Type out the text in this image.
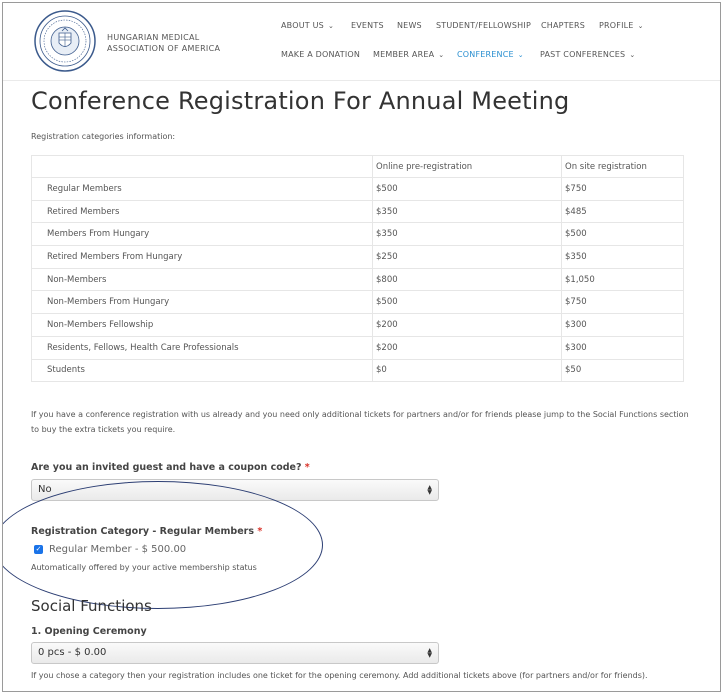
HUNGARIAN MEDICAL
ASSOCIATION OF AMERICA
ABOUT US ⌄ EVENTS NEWS STUDENT/FELLOWSHIP CHAPTERS PROFILE ⌄
MAKE A DONATION MEMBER AREA ⌄ CONFERENCE ⌄ PAST CONFERENCES ⌄
Conference Registration For Annual Meeting
Registration categories information:
	Online pre-registration	On site registration
Regular Members	$500	$750
Retired Members	$350	$485
Members From Hungary	$350	$500
Retired Members From Hungary	$250	$350
Non-Members	$800	$1,050
Non-Members From Hungary	$500	$750
Non-Members Fellowship	$200	$300
Residents, Fellows, Health Care Professionals	$200	$300
Students	$0	$50
If you have a conference registration with us already and you need only additional tickets for partners and/or for friends please jump to the Social Functions section to buy the extra tickets you require.
Are you an invited guest and have a coupon code? *
No	▲
▼
Registration Category - Regular Members *
✓ Regular Member - $ 500.00
Automatically offered by your active membership status
Social Functions
1. Opening Ceremony
0 pcs - $ 0.00	▲
▼
If you chose a category then your registration includes one ticket for the opening ceremony. Add additional tickets above (for partners and/or for friends).
